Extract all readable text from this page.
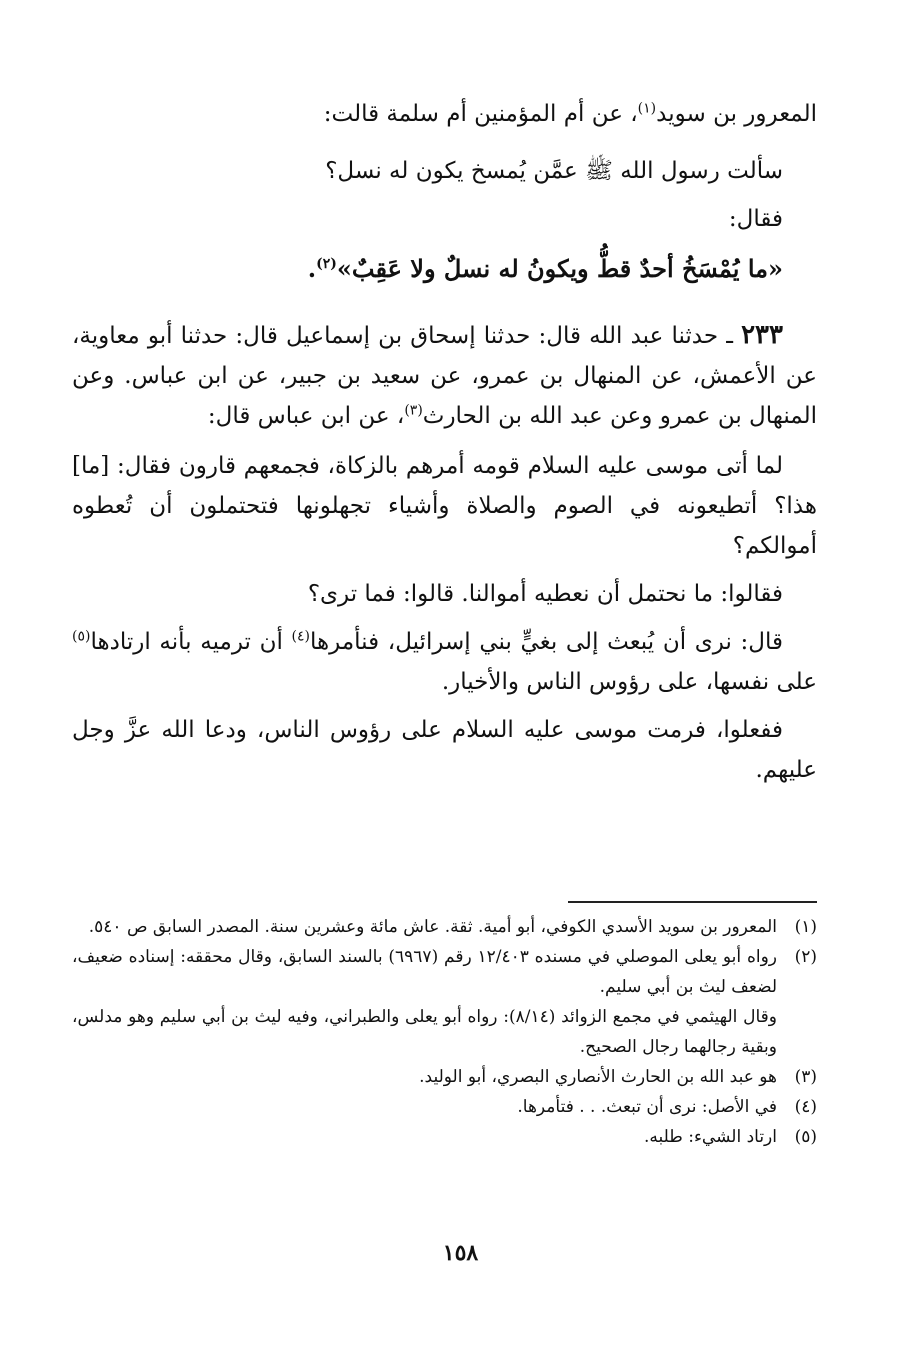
المعرور بن سويد$^{(١)}$، عن أم المؤمنين أم سلمة قالت:
سألت رسول الله ﷺ عمَّن يُمسخ يكون له نسل؟
فقال:
«ما يُمْسَخُ أحدٌ قطُّ ويكونُ له نسلٌ ولا عَقِبٌ»$^{(٢)}$.
٢٣٣ ـ حدثنا عبد الله قال: حدثنا إسحاق بن إسماعيل قال: حدثنا أبو معاوية، عن الأعمش، عن المنهال بن عمرو، عن سعيد بن جبير، عن ابن عباس. وعن المنهال بن عمرو وعن عبد الله بن الحارث$^{(٣)}$، عن ابن عباس قال:
لما أتى موسى عليه السلام قومه أمرهم بالزكاة، فجمعهم قارون فقال: [ما] هذا؟ أتطيعونه في الصوم والصلاة وأشياء تجهلونها فتحتملون أن تُعطوه أموالكم؟
فقالوا: ما نحتمل أن نعطيه أموالنا. قالوا: فما ترى؟
قال: نرى أن يُبعث إلى بغيٍّ بني إسرائيل، فنأمرها$^{(٤)}$ أن ترميه بأنه ارتادها$^{(٥)}$ على نفسها، على رؤوس الناس والأخيار.
ففعلوا، فرمت موسى عليه السلام على رؤوس الناس، ودعا الله عزَّ وجل عليهم.
(١)
المعرور بن سويد الأسدي الكوفي، أبو أمية. ثقة. عاش مائة وعشرين سنة. المصدر السابق ص ٥٤٠.
(٢)
رواه أبو يعلى الموصلي في مسنده ١٢/٤٠٣ رقم (٦٩٦٧) بالسند السابق، وقال محققه: إسناده ضعيف، لضعف ليث بن أبي سليم.
وقال الهيثمي في مجمع الزوائد (٨/١٤): رواه أبو يعلى والطبراني، وفيه ليث بن أبي سليم وهو مدلس، وبقية رجالهما رجال الصحيح.
(٣)
هو عبد الله بن الحارث الأنصاري البصري، أبو الوليد.
(٤)
في الأصل: نرى أن تبعث. . . فتأمرها.
(٥)
ارتاد الشيء: طلبه.
١٥٨
